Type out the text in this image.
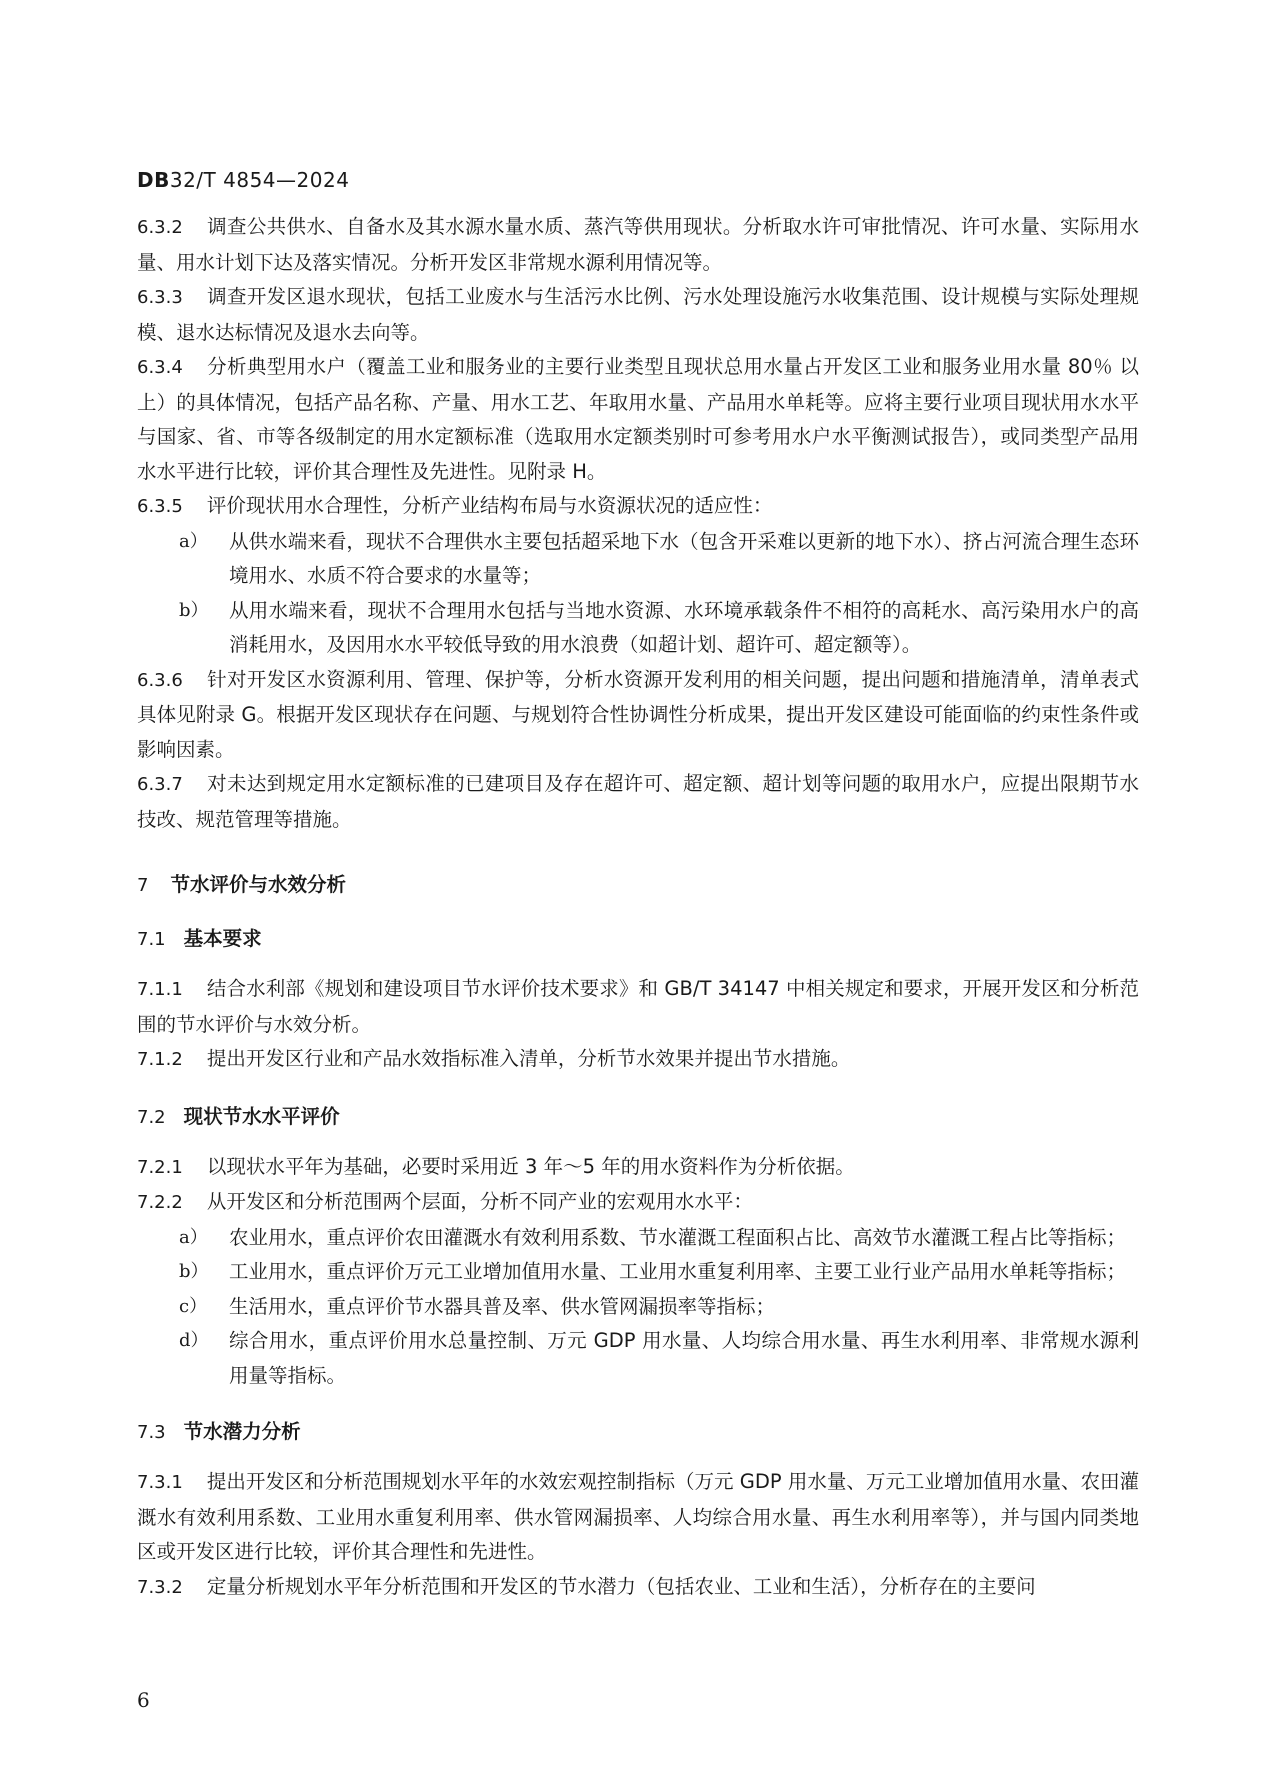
DB32/T 4854—2024

6.3.2 调查公共供水、自备水及其水源水量水质、蒸汽等供用现状。分析取水许可审批情况、许可水量、实际用水量、用水计划下达及落实情况。分析开发区非常规水源利用情况等。

6.3.3 调查开发区退水现状，包括工业废水与生活污水比例、污水处理设施污水收集范围、设计规模与实际处理规模、退水达标情况及退水去向等。

6.3.4 分析典型用水户（覆盖工业和服务业的主要行业类型且现状总用水量占开发区工业和服务业用水量 80％ 以上）的具体情况，包括产品名称、产量、用水工艺、年取用水量、产品用水单耗等。应将主要行业项目现状用水水平与国家、省、市等各级制定的用水定额标准（选取用水定额类别时可参考用水户水平衡测试报告），或同类型产品用水水平进行比较，评价其合理性及先进性。见附录 H。

6.3.5 评价现状用水合理性，分析产业结构布局与水资源状况的适应性：

a） 从供水端来看，现状不合理供水主要包括超采地下水（包含开采难以更新的地下水）、挤占河流合理生态环境用水、水质不符合要求的水量等；

b） 从用水端来看，现状不合理用水包括与当地水资源、水环境承载条件不相符的高耗水、高污染用水户的高消耗用水，及因用水水平较低导致的用水浪费（如超计划、超许可、超定额等）。

6.3.6 针对开发区水资源利用、管理、保护等，分析水资源开发利用的相关问题，提出问题和措施清单，清单表式具体见附录 G。根据开发区现状存在问题、与规划符合性协调性分析成果，提出开发区建设可能面临的约束性条件或影响因素。

6.3.7 对未达到规定用水定额标准的已建项目及存在超许可、超定额、超计划等问题的取用水户，应提出限期节水技改、规范管理等措施。

7 节水评价与水效分析
7.1 基本要求

7.1.1 结合水利部《规划和建设项目节水评价技术要求》和 GB/T 34147 中相关规定和要求，开展开发区和分析范围的节水评价与水效分析。

7.1.2 提出开发区行业和产品水效指标准入清单，分析节水效果并提出节水措施。

7.2 现状节水水平评价

7.2.1 以现状水平年为基础，必要时采用近 3 年～5 年的用水资料作为分析依据。

7.2.2 从开发区和分析范围两个层面，分析不同产业的宏观用水水平：

a） 农业用水，重点评价农田灌溉水有效利用系数、节水灌溉工程面积占比、高效节水灌溉工程占比等指标；

b） 工业用水，重点评价万元工业增加值用水量、工业用水重复利用率、主要工业行业产品用水单耗等指标；

c） 生活用水，重点评价节水器具普及率、供水管网漏损率等指标；

d） 综合用水，重点评价用水总量控制、万元 GDP 用水量、人均综合用水量、再生水利用率、非常规水源利用量等指标。

7.3 节水潜力分析

7.3.1 提出开发区和分析范围规划水平年的水效宏观控制指标（万元 GDP 用水量、万元工业增加值用水量、农田灌溉水有效利用系数、工业用水重复利用率、供水管网漏损率、人均综合用水量、再生水利用率等），并与国内同类地区或开发区进行比较，评价其合理性和先进性。

7.3.2 定量分析规划水平年分析范围和开发区的节水潜力（包括农业、工业和生活），分析存在的主要问

6
